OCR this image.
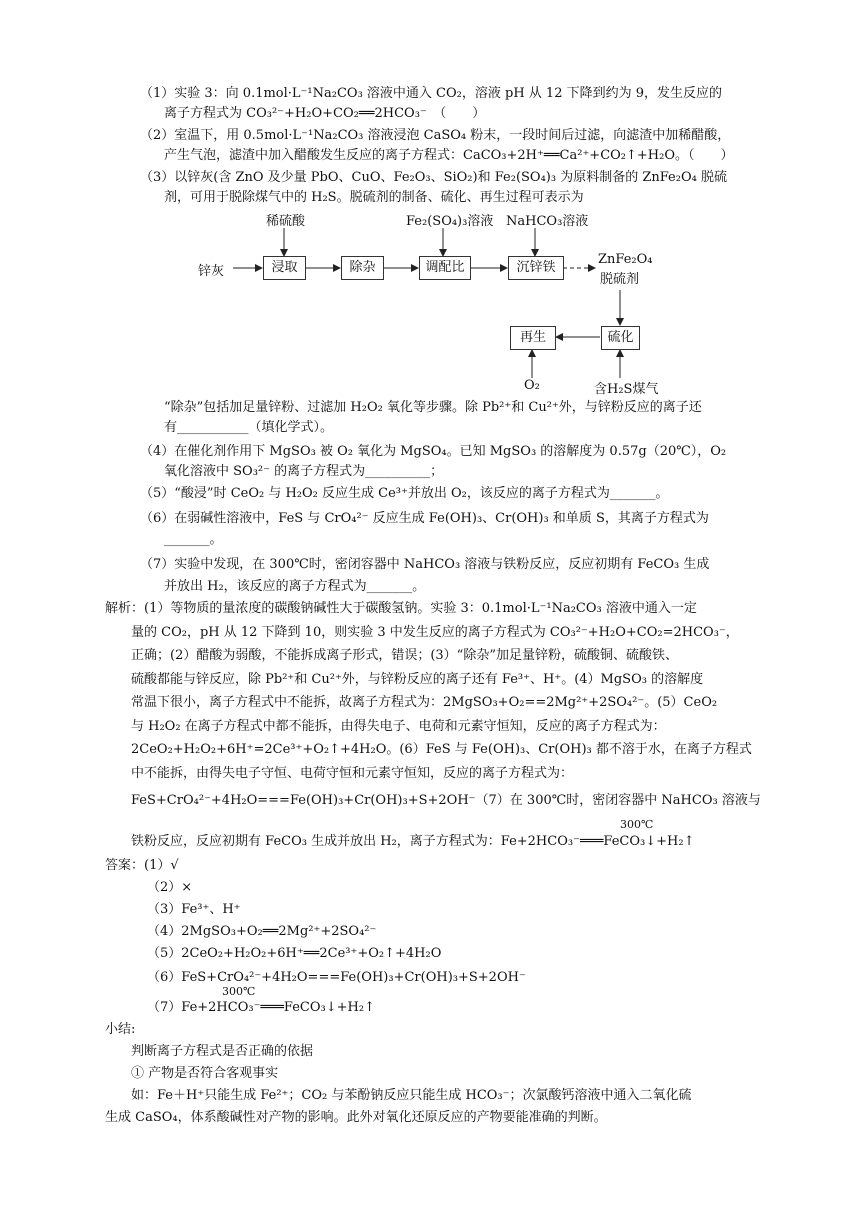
（1）实验 3：向 0.1mol·L⁻¹Na₂CO₃ 溶液中通入 CO₂，溶液 pH 从 12 下降到约为 9，发生反应的
离子方程式为 CO₃²⁻+H₂O+CO₂══2HCO₃⁻　（　　）
（2）室温下，用 0.5mol·L⁻¹Na₂CO₃ 溶液浸泡 CaSO₄ 粉末，一段时间后过滤，向滤渣中加稀醋酸，
产生气泡，滤渣中加入醋酸发生反应的离子方程式：CaCO₃+2H⁺══Ca²⁺+CO₂↑+H₂O。（　　）
（3）以锌灰(含 ZnO 及少量 PbO、CuO、Fe₂O₃、SiO₂)和 Fe₂(SO₄)₃ 为原料制备的 ZnFe₂O₄ 脱硫
剂，可用于脱除煤气中的 H₂S。脱硫剂的制备、硫化、再生过程可表示为
稀硫酸	Fe₂(SO₄)₃溶液 NaHCO₃溶液
锌灰	浸取	除杂	调配比	沉锌铁
ZnFe₂O₄
脱硫剂
再生	硫化
O₂	含H₂S煤气
“除杂”包括加足量锌粉、过滤加 H₂O₂ 氧化等步骤。除 Pb²⁺和 Cu²⁺外，与锌粉反应的离子还
有___________（填化学式）。
（4）在催化剂作用下 MgSO₃ 被 O₂ 氧化为 MgSO₄。已知 MgSO₃ 的溶解度为 0.57g（20℃），O₂
氧化溶液中 SO₃²⁻ 的离子方程式为__________；
（5）“酸浸”时 CeO₂ 与 H₂O₂ 反应生成 Ce³⁺并放出 O₂，该反应的离子方程式为_______。
（6）在弱碱性溶液中，FeS 与 CrO₄²⁻ 反应生成 Fe(OH)₃、Cr(OH)₃ 和单质 S，其离子方程式为
_______。
（7）实验中发现，在 300℃时，密闭容器中 NaHCO₃ 溶液与铁粉反应，反应初期有 FeCO₃ 生成
并放出 H₂，该反应的离子方程式为_______。
解析：(1）等物质的量浓度的碳酸钠碱性大于碳酸氢钠。实验 3：0.1mol·L⁻¹Na₂CO₃ 溶液中通入一定
量的 CO₂，pH 从 12 下降到 10，则实验 3 中发生反应的离子方程式为 CO₃²⁻+H₂O+CO₂=2HCO₃⁻，
正确；(2）醋酸为弱酸，不能拆成离子形式，错误；(3）“除杂”加足量锌粉，硫酸铜、硫酸铁、
硫酸都能与锌反应，除 Pb²⁺和 Cu²⁺外，与锌粉反应的离子还有 Fe³⁺、H⁺。(4）MgSO₃ 的溶解度
常温下很小，离子方程式中不能拆，故离子方程式为：2MgSO₃+O₂==2Mg²⁺+2SO₄²⁻。(5）CeO₂
与 H₂O₂ 在离子方程式中都不能拆，由得失电子、电荷和元素守恒知，反应的离子方程式为：
2CeO₂+H₂O₂+6H⁺=2Ce³⁺+O₂↑+4H₂O。(6）FeS 与 Fe(OH)₃、Cr(OH)₃ 都不溶于水，在离子方程式
中不能拆，由得失电子守恒、电荷守恒和元素守恒知，反应的离子方程式为：
FeS+CrO₄²⁻+4H₂O===Fe(OH)₃+Cr(OH)₃+S+2OH⁻（7）在 300℃时，密闭容器中 NaHCO₃ 溶液与
300℃
铁粉反应，反应初期有 FeCO₃ 生成并放出 H₂，离子方程式为：Fe+2HCO₃⁻═══FeCO₃↓+H₂↑
答案：(1）√
（2）×
（3）Fe³⁺、H⁺
（4）2MgSO₃+O₂══2Mg²⁺+2SO₄²⁻
（5）2CeO₂+H₂O₂+6H⁺══2Ce³⁺+O₂↑+4H₂O
（6）FeS+CrO₄²⁻+4H₂O===Fe(OH)₃+Cr(OH)₃+S+2OH⁻
300℃
（7）Fe+2HCO₃⁻═══FeCO₃↓+H₂↑
小结:
判断离子方程式是否正确的依据
① 产物是否符合客观事实
如：Fe＋H⁺只能生成 Fe²⁺；CO₂ 与苯酚钠反应只能生成 HCO₃⁻；次氯酸钙溶液中通入二氧化硫
生成 CaSO₄，体系酸碱性对产物的影响。此外对氧化还原反应的产物要能准确的判断。
